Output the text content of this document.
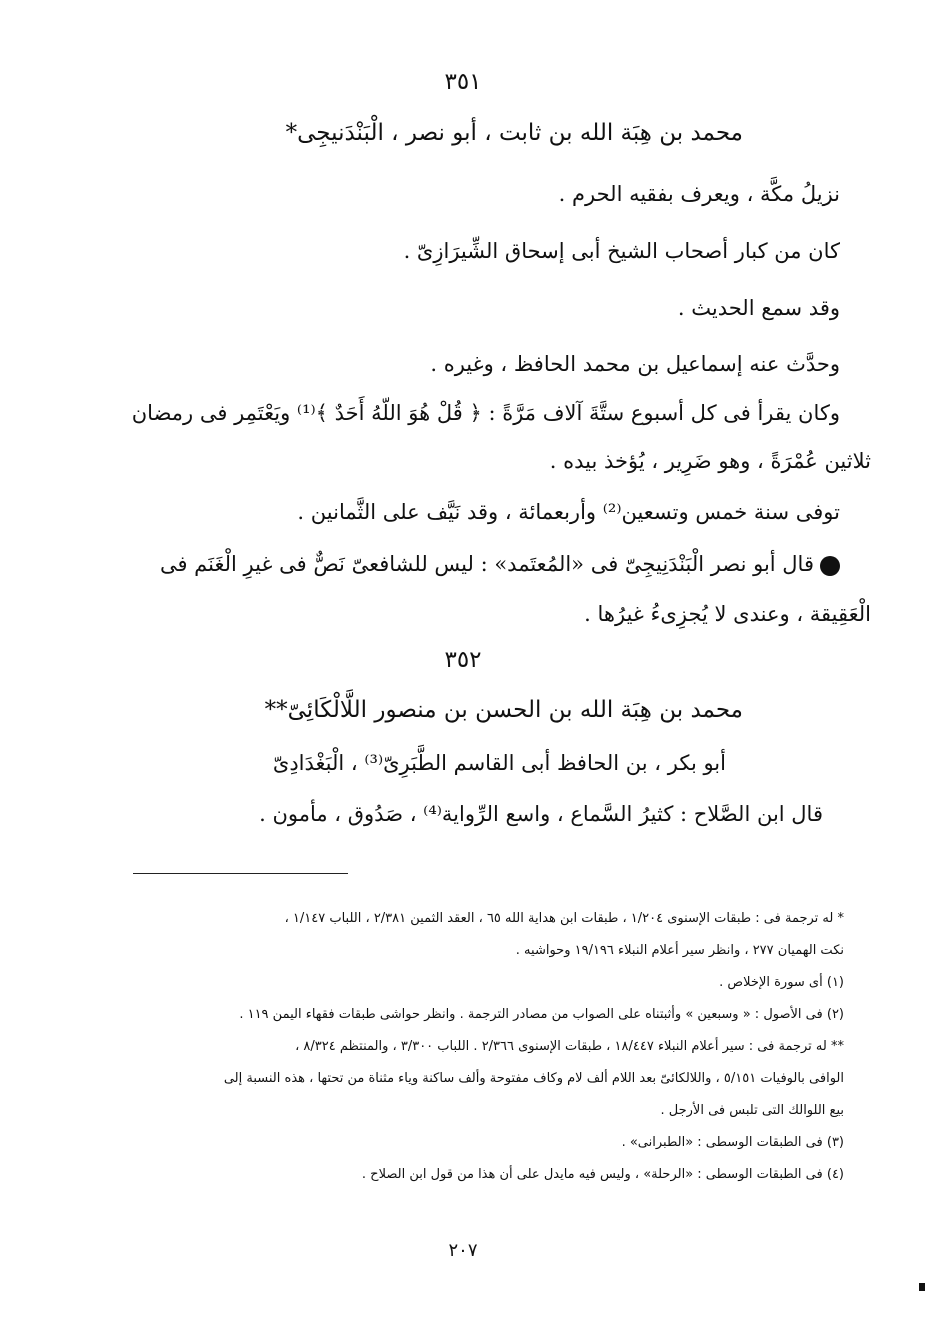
٣٥١
محمد بن هِبَة الله بن ثابت ، أبو نصر ، الْبَنْدَنيجِى*
نزيلُ مكَّة ، ويعرف بفقيه الحرم .
كان من كبار أصحاب الشيخ أبى إسحاق الشِّيرَازِىّ .
وقد سمع الحديث .
وحدَّث عنه إسماعيل بن محمد الحافظ ، وغيره .
وكان يقرأ فى كل أسبوع ستَّةَ آلاف مَرَّةً : ﴿ قُلْ هُوَ اللّهُ أَحَدٌ ﴾⁽¹⁾ ويَعْتَمِر فى رمضان
ثلاثين عُمْرَةً ، وهو ضَرِير ، يُؤخذ بيده .
توفى سنة خمس وتسعين⁽²⁾ وأربعمائة ، وقد نَيَّف على الثَّمانين .
قال أبو نصر الْبَنْدَنِيجِىّ فى «المُعتَمد» : ليس للشافعىّ نَصٌّ فى غيرِ الْغَنَم فى
الْعَقِيقة ، وعندى لا يُجزِىءُ غيرُها .
٣٥٢
محمد بن هِبَة الله بن الحسن بن منصور اللَّالْكَائِىّ**
أبو بكر ، بن الحافظ أبى القاسم الطَّبَرِىّ⁽³⁾ ، الْبَغْدَادِىّ
قال ابن الصَّلاح : كثيرُ السَّماع ، واسع الرِّواية⁽⁴⁾ ، صَدُوق ، مأمون .
* له ترجمة فى : طبقات الإسنوى ١/٢٠٤ ، طبقات ابن هداية الله ٦٥ ، العقد الثمين ٢/٣٨١ ، اللباب ١/١٤٧ ،
نكت الهميان ٢٧٧ ، وانظر سير أعلام النبلاء ١٩/١٩٦ وحواشيه .
(١) أى سورة الإخلاص .
(٢) فى الأصول : « وسبعين » وأثبتناه على الصواب من مصادر الترجمة . وانظر حواشى طبقات فقهاء اليمن ١١٩ .
** له ترجمة فى : سير أعلام النبلاء ١٨/٤٤٧ ، طبقات الإسنوى ٢/٣٦٦ . اللباب ٣/٣٠٠ ، والمنتظم ٨/٣٢٤ ،
الوافى بالوفيات ٥/١٥١ ، واللالكائىّ بعد اللام ألف لام وكاف مفتوحة وألف ساكنة وياء مثناة من تحتها ، هذه النسبة إلى
بيع اللوالك التى تلبس فى الأرجل .
(٣) فى الطبقات الوسطى : «الطبرانى» .
(٤) فى الطبقات الوسطى : «الرحلة» ، وليس فيه مايدل على أن هذا من قول ابن الصلاح .
٢٠٧
